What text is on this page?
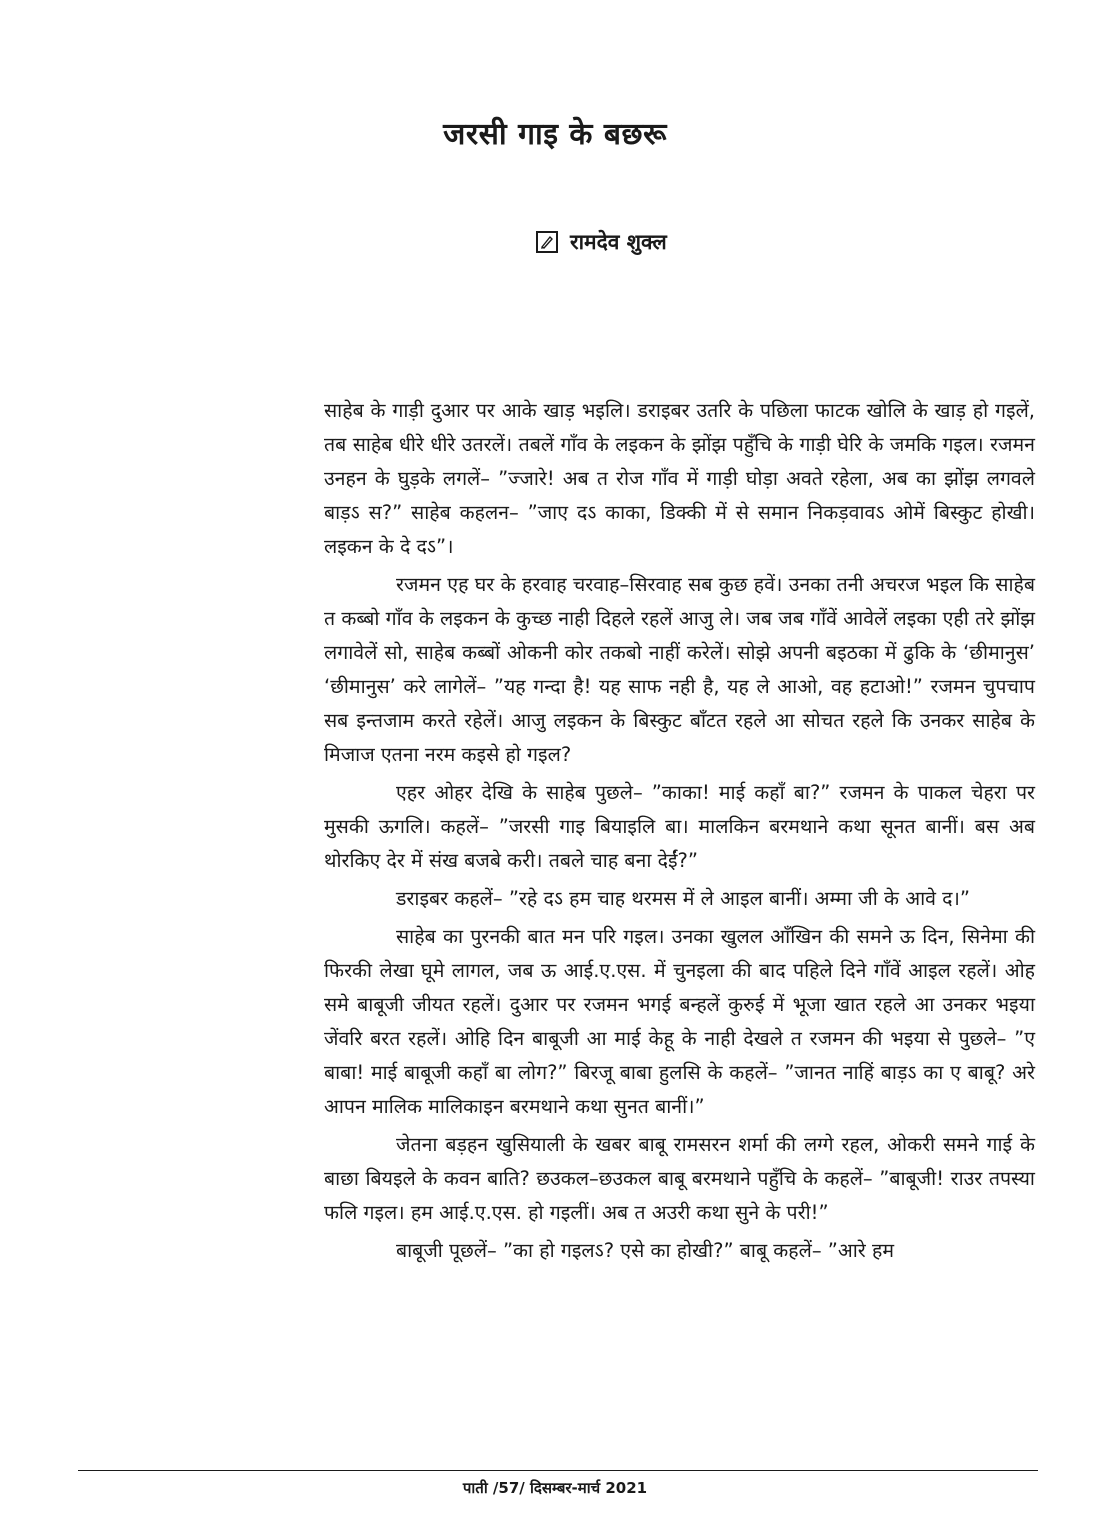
जरसी गाइ के बछरू
रामदेव शुक्ल

साहेब के गाड़ी दुआर पर आके खाड़ भइलि। डराइबर उतरि के पछिला फाटक खोलि के खाड़ हो गइलें, तब साहेब धीरे धीरे उतरलें। तबलें गाँव के लइकन के झोंझ पहुँचि के गाड़ी घेरि के जमकि गइल। रजमन उनहन के घुड़के लगलें– ”ज्जारे! अब त रोज गाँव में गाड़ी घोड़ा अवते रहेला, अब का झोंझ लगवले बाड़ऽ स?” साहेब कहलन– ”जाए दऽ काका, डिक्की में से समान निकड़वावऽ ओमें बिस्कुट होखी। लइकन के दे दऽ”।

रजमन एह घर के हरवाह चरवाह–सिरवाह सब कुछ हवें। उनका तनी अचरज भइल कि साहेब त कब्बो गाँव के लइकन के कुच्छ नाही दिहले रहलें आजु ले। जब जब गाँवें आवेलें लइका एही तरे झोंझ लगावेलें सो, साहेब कब्बों ओकनी कोर तकबो नाहीं करेलें। सोझे अपनी बइठका में ढुकि के ‘छीमानुस’ ‘छीमानुस’ करे लागेलें– ”यह गन्दा है! यह साफ नही है, यह ले आओ, वह हटाओ!” रजमन चुपचाप सब इन्तजाम करते रहेलें। आजु लइकन के बिस्कुट बाँटत रहले आ सोचत रहले कि उनकर साहेब के मिजाज एतना नरम कइसे हो गइल?

एहर ओहर देखि के साहेब पुछले– ”काका! माई कहाँ बा?” रजमन के पाकल चेहरा पर मुसकी ऊगलि। कहलें– ”जरसी गाइ बियाइलि बा। मालकिन बरमथाने कथा सूनत बानीं। बस अब थोरकिए देर में संख बजबे करी। तबले चाह बना देईं?”

डराइबर कहलें– ”रहे दऽ हम चाह थरमस में ले आइल बानीं। अम्मा जी के आवे द।”

साहेब का पुरनकी बात मन परि गइल। उनका खुलल आँखिन की समने ऊ दिन, सिनेमा की फिरकी लेखा घूमे लागल, जब ऊ आई.ए.एस. में चुनइला की बाद पहिले दिने गाँवें आइल रहलें। ओह समे बाबूजी जीयत रहलें। दुआर पर रजमन भगई बन्हलें कुरुई में भूजा खात रहले आ उनकर भइया जेंवरि बरत रहलें। ओहि दिन बाबूजी आ माई केहू के नाही देखले त रजमन की भइया से पुछले– ”ए बाबा! माई बाबूजी कहाँ बा लोग?” बिरजू बाबा हुलसि के कहलें– ”जानत नाहिं बाड़ऽ का ए बाबू? अरे आपन मालिक मालिकाइन बरमथाने कथा सुनत बानीं।”

जेतना बड़हन खुसियाली के खबर बाबू रामसरन शर्मा की लग्गे रहल, ओकरी समने गाई के बाछा बियइले के कवन बाति? छउकल–छउकल बाबू बरमथाने पहुँचि के कहलें– ”बाबूजी! राउर तपस्या फलि गइल। हम आई.ए.एस. हो गइलीं। अब त अउरी कथा सुने के परी!”

बाबूजी पूछलें– ”का हो गइलऽ? एसे का होखी?” बाबू कहलें– ”आरे हम

पाती /57/ दिसम्बर-मार्च 2021
